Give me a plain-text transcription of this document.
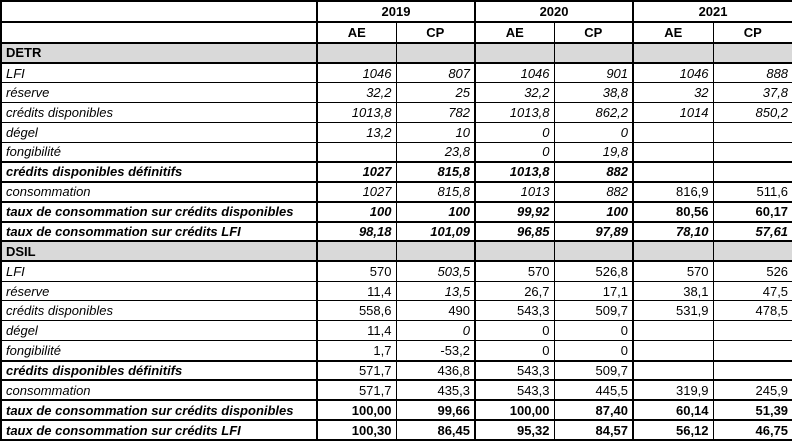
	2019		2020		2021	
	AE	CP	AE	CP	AE	CP
DETR						
LFI	1046	807	1046	901	1046	888
réserve	32,2	25	32,2	38,8	32	37,8
crédits disponibles	1013,8	782	1013,8	862,2	1014	850,2
dégel	13,2	10	0	0		
fongibilité		23,8	0	19,8		
crédits disponibles définitifs	1027	815,8	1013,8	882		
consommation	1027	815,8	1013	882	816,9	511,6
taux de consommation sur crédits disponibles	100	100	99,92	100	80,56	60,17
taux de consommation sur crédits LFI	98,18	101,09	96,85	97,89	78,10	57,61
DSIL						
LFI	570	503,5	570	526,8	570	526
réserve	11,4	13,5	26,7	17,1	38,1	47,5
crédits disponibles	558,6	490	543,3	509,7	531,9	478,5
dégel	11,4	0	0	0		
fongibilité	1,7	-53,2	0	0		
crédits disponibles définitifs	571,7	436,8	543,3	509,7		
consommation	571,7	435,3	543,3	445,5	319,9	245,9
taux de consommation sur crédits disponibles	100,00	99,66	100,00	87,40	60,14	51,39
taux de consommation sur crédits LFI	100,30	86,45	95,32	84,57	56,12	46,75
